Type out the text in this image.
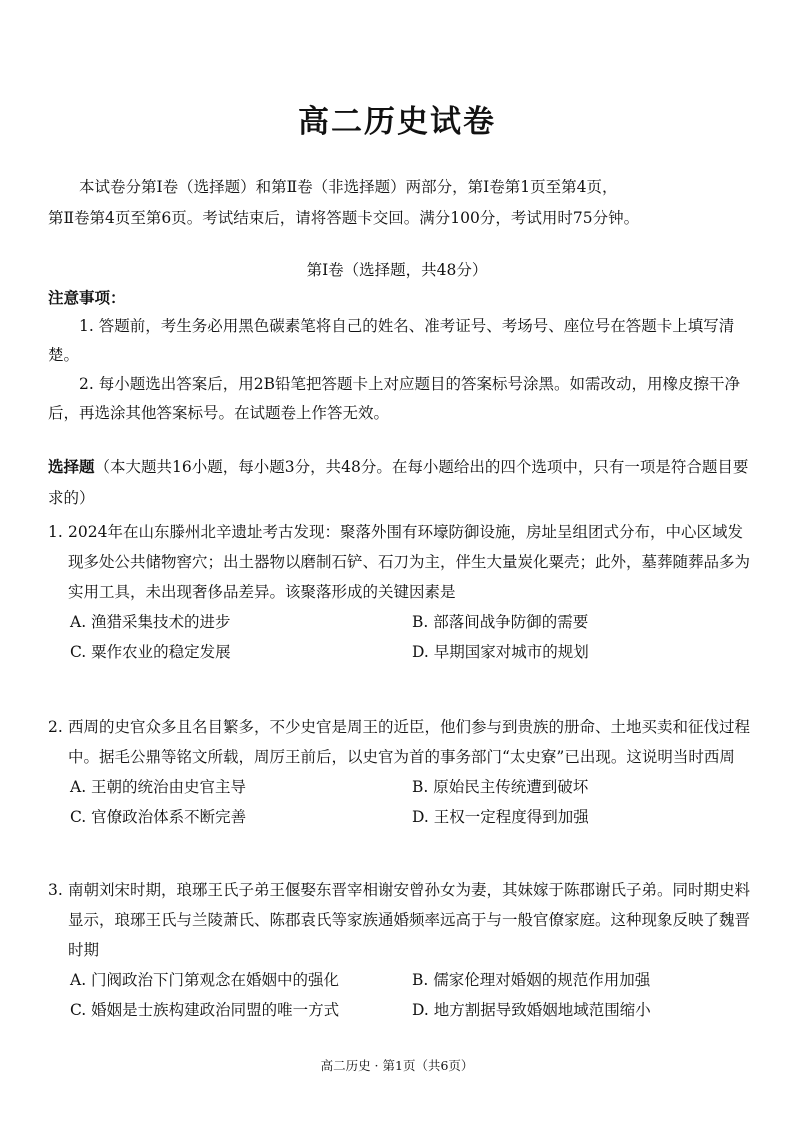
高二历史试卷
本试卷分第Ⅰ卷（选择题）和第Ⅱ卷（非选择题）两部分，第Ⅰ卷第1页至第4页，
第Ⅱ卷第4页至第6页。考试结束后，请将答题卡交回。满分100分，考试用时75分钟。
第Ⅰ卷（选择题，共48分）
注意事项：

1. 答题前，考生务必用黑色碳素笔将自己的姓名、准考证号、考场号、座位号在答题卡上填写清楚。

2. 每小题选出答案后，用2B铅笔把答题卡上对应题目的答案标号涂黑。如需改动，用橡皮擦干净后，再选涂其他答案标号。在试题卷上作答无效。

选择题（本大题共16小题，每小题3分，共48分。在每小题给出的四个选项中，只有一项是符合题目要求的）
1. 2024年在山东滕州北辛遗址考古发现：聚落外围有环壕防御设施，房址呈组团式分布，中心区域发现多处公共储物窖穴；出土器物以磨制石铲、石刀为主，伴生大量炭化粟壳；此外，墓葬随葬品多为实用工具，未出现奢侈品差异。该聚落形成的关键因素是
A. 渔猎采集技术的进步	B. 部落间战争防御的需要
C. 粟作农业的稳定发展	D. 早期国家对城市的规划
2. 西周的史官众多且名目繁多，不少史官是周王的近臣，他们参与到贵族的册命、土地买卖和征伐过程中。据毛公鼎等铭文所载，周厉王前后，以史官为首的事务部门“太史寮”已出现。这说明当时西周
A. 王朝的统治由史官主导	B. 原始民主传统遭到破坏
C. 官僚政治体系不断完善	D. 王权一定程度得到加强
3. 南朝刘宋时期，琅琊王氏子弟王偃娶东晋宰相谢安曾孙女为妻，其妹嫁于陈郡谢氏子弟。同时期史料显示，琅琊王氏与兰陵萧氏、陈郡袁氏等家族通婚频率远高于与一般官僚家庭。这种现象反映了魏晋时期
A. 门阀政治下门第观念在婚姻中的强化	B. 儒家伦理对婚姻的规范作用加强
C. 婚姻是士族构建政治同盟的唯一方式	D. 地方割据导致婚姻地域范围缩小
高二历史 · 第1页（共6页）
